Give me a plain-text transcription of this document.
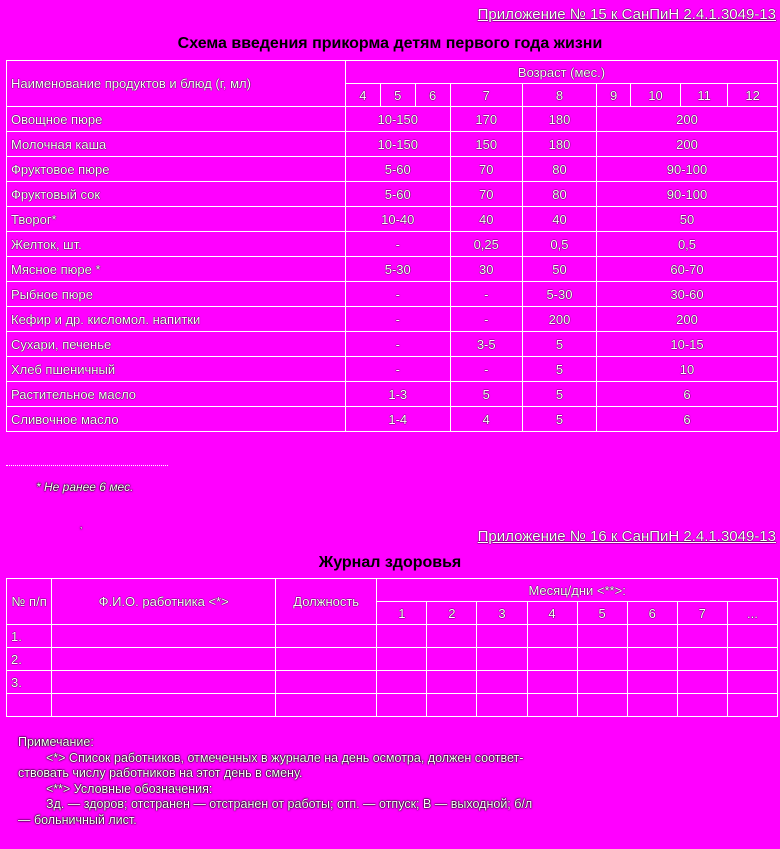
Приложение № 15 к СанПиН 2.4.1.3049-13
Схема введения прикорма детям первого года жизни
Наименование продуктов и блюд (г, мл)	Возраст (мес.)								
	4	5	6	7	8	9	10	11	12
Овощное пюре	10-150			170	180	200			
Молочная каша	10-150			150	180	200			
Фруктовое пюре	5-60			70	80	90-100			
Фруктовый сок	5-60			70	80	90-100			
Творог*	10-40			40	40	50			
Желток, шт.	-			0,25	0,5	0,5			
Мясное пюре *	5-30			30	50	60-70			
Рыбное пюре	-			-	5-30	30-60			
Кефир и др. кисломол. напитки	-			-	200	200			
Сухари, печенье	-			3-5	5	10-15			
Хлеб пшеничный	-			-	5	10			
Растительное масло	1-3			5	5	6			
Сливочное масло	1-4			4	5	6			
* Не ранее 6 мес.
‚
Приложение № 16 к СанПиН 2.4.1.3049-13
Журнал здоровья
№ п/п	Ф.И.О. работника <*>	Должность	Месяц/дни <**>:							
			1	2	3	4	5	6	7	...
1.										
2.										
3.										

Примечание:
<*> Список работников, отмеченных в журнале на день осмотра, должен соответ-
ствовать числу работников на этот день в смену.
<**> Условные обозначения:
Зд. — здоров; отстранен — отстранен от работы; отп. — отпуск; В — выходной; б/л
— больничный лист.
